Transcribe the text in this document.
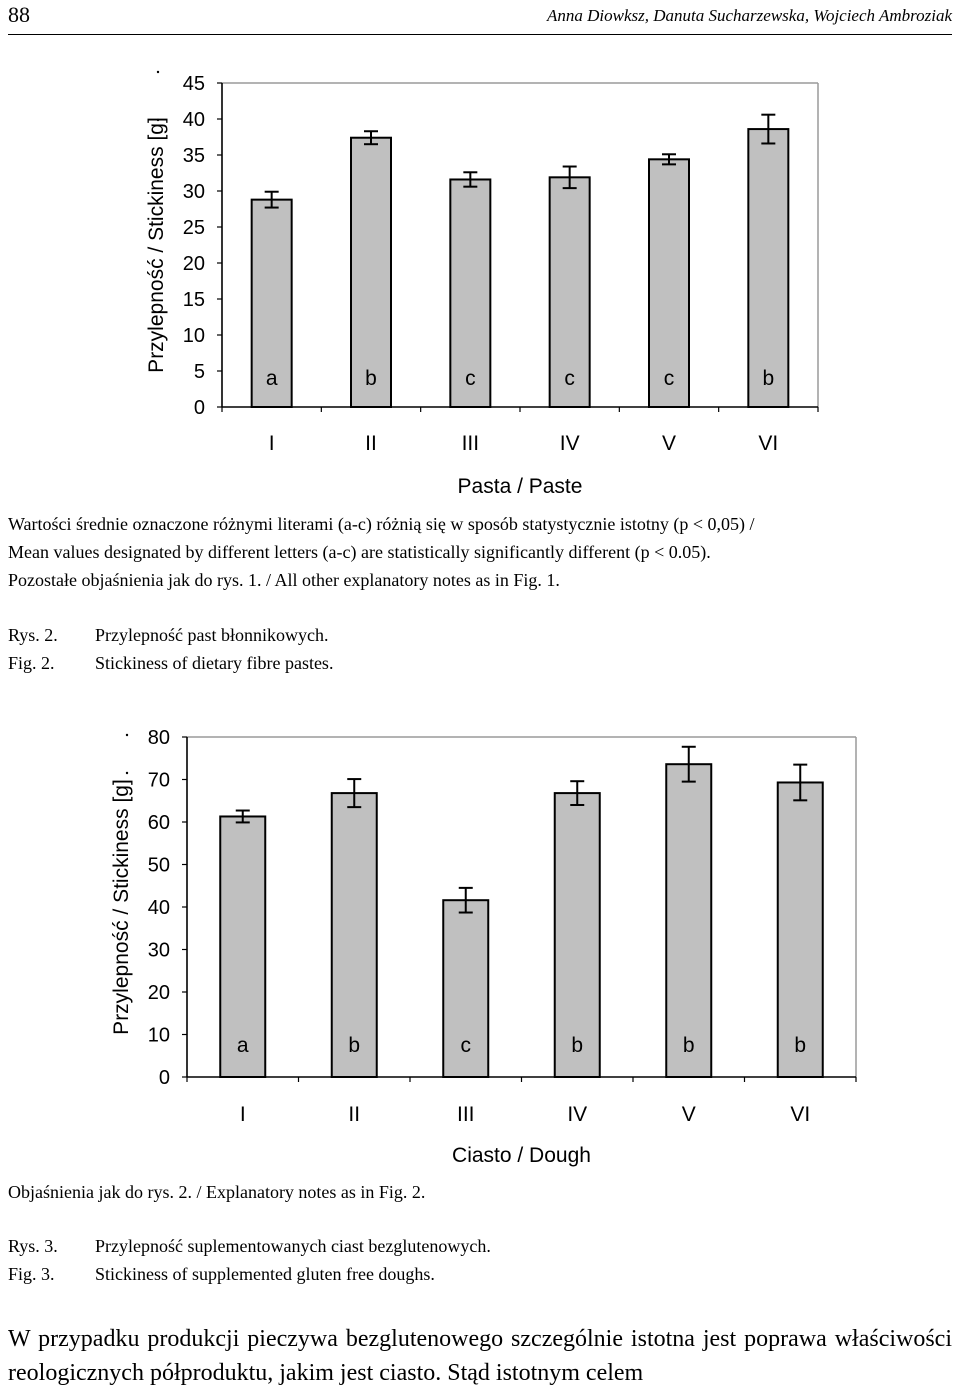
88	Anna Diowksz, Danuta Sucharzewska, Wojciech Ambroziak
0
5
10
15
20
25
30
35
40
45
a
I
b
II
c
III
c
IV
c
V
b
VI
Pasta / Paste
Przylepność / Stickiness [g]
Wartości średnie oznaczone różnymi literami (a-c) różnią się w sposób statystycznie istotny (p < 0,05) /
Mean values designated by different letters (a-c) are statistically significantly different (p < 0.05).
Pozostałe objaśnienia jak do rys. 1. / All other explanatory notes as in Fig. 1.
Rys. 2. Przylepność past błonnikowych.
Fig. 2. Stickiness of dietary fibre pastes.
0
10
20
30
40
50
60
70
80
a
I
b
II
c
III
b
IV
b
V
b
VI
Ciasto / Dough
Przylepność / Stickiness [g]
Objaśnienia jak do rys. 2. / Explanatory notes as in Fig. 2.
Rys. 3. Przylepność suplementowanych ciast bezglutenowych.
Fig. 3. Stickiness of supplemented gluten free doughs.
W przypadku produkcji pieczywa bezglutenowego szczególnie istotna jest poprawa właściwości reologicznych półproduktu, jakim jest ciasto. Stąd istotnym celem
